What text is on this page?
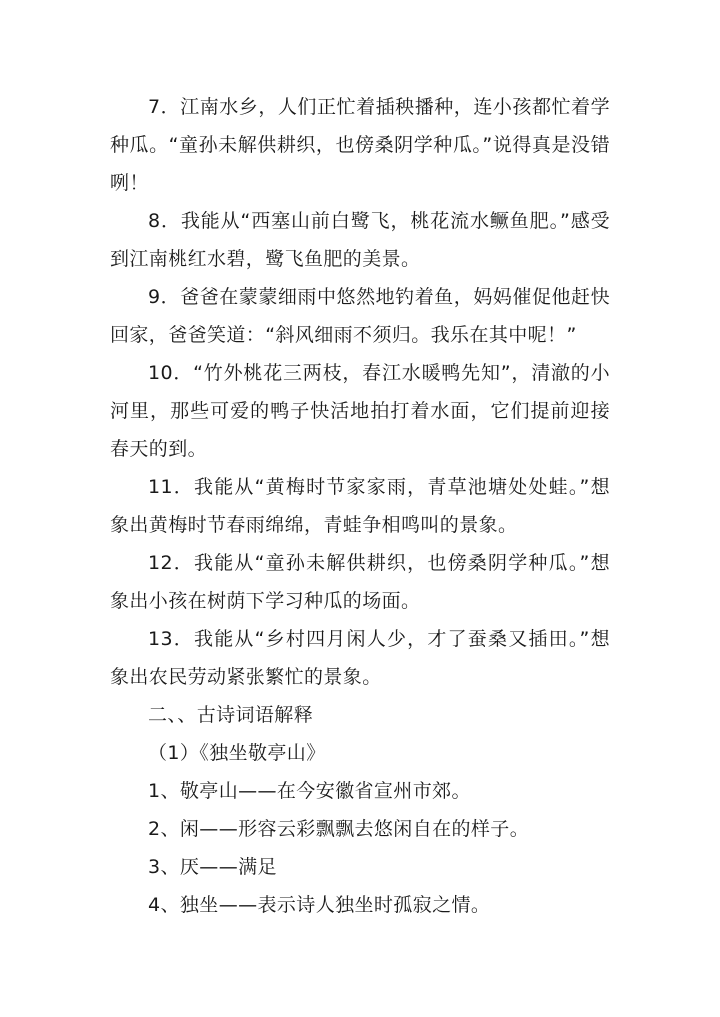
7．江南水乡，人们正忙着插秧播种，连小孩都忙着学种瓜。“童孙未解供耕织，也傍桑阴学种瓜。”说得真是没错咧！

8．我能从“西塞山前白鹭飞，桃花流水鳜鱼肥。”感受到江南桃红水碧，鹭飞鱼肥的美景。

9．爸爸在蒙蒙细雨中悠然地钓着鱼，妈妈催促他赶快回家，爸爸笑道：“斜风细雨不须归。我乐在其中呢！”

10．“竹外桃花三两枝，春江水暖鸭先知”，清澈的小河里，那些可爱的鸭子快活地拍打着水面，它们提前迎接春天的到。

11．我能从“黄梅时节家家雨，青草池塘处处蛙。”想象出黄梅时节春雨绵绵，青蛙争相鸣叫的景象。

12．我能从“童孙未解供耕织，也傍桑阴学种瓜。”想象出小孩在树荫下学习种瓜的场面。

13．我能从“乡村四月闲人少，才了蚕桑又插田。”想象出农民劳动紧张繁忙的景象。

二、、古诗词语解释

（1）《独坐敬亭山》

1、敬亭山——在今安徽省宣州市郊。

2、闲——形容云彩飘飘去悠闲自在的样子。

3、厌——满足

4、独坐——表示诗人独坐时孤寂之情。
